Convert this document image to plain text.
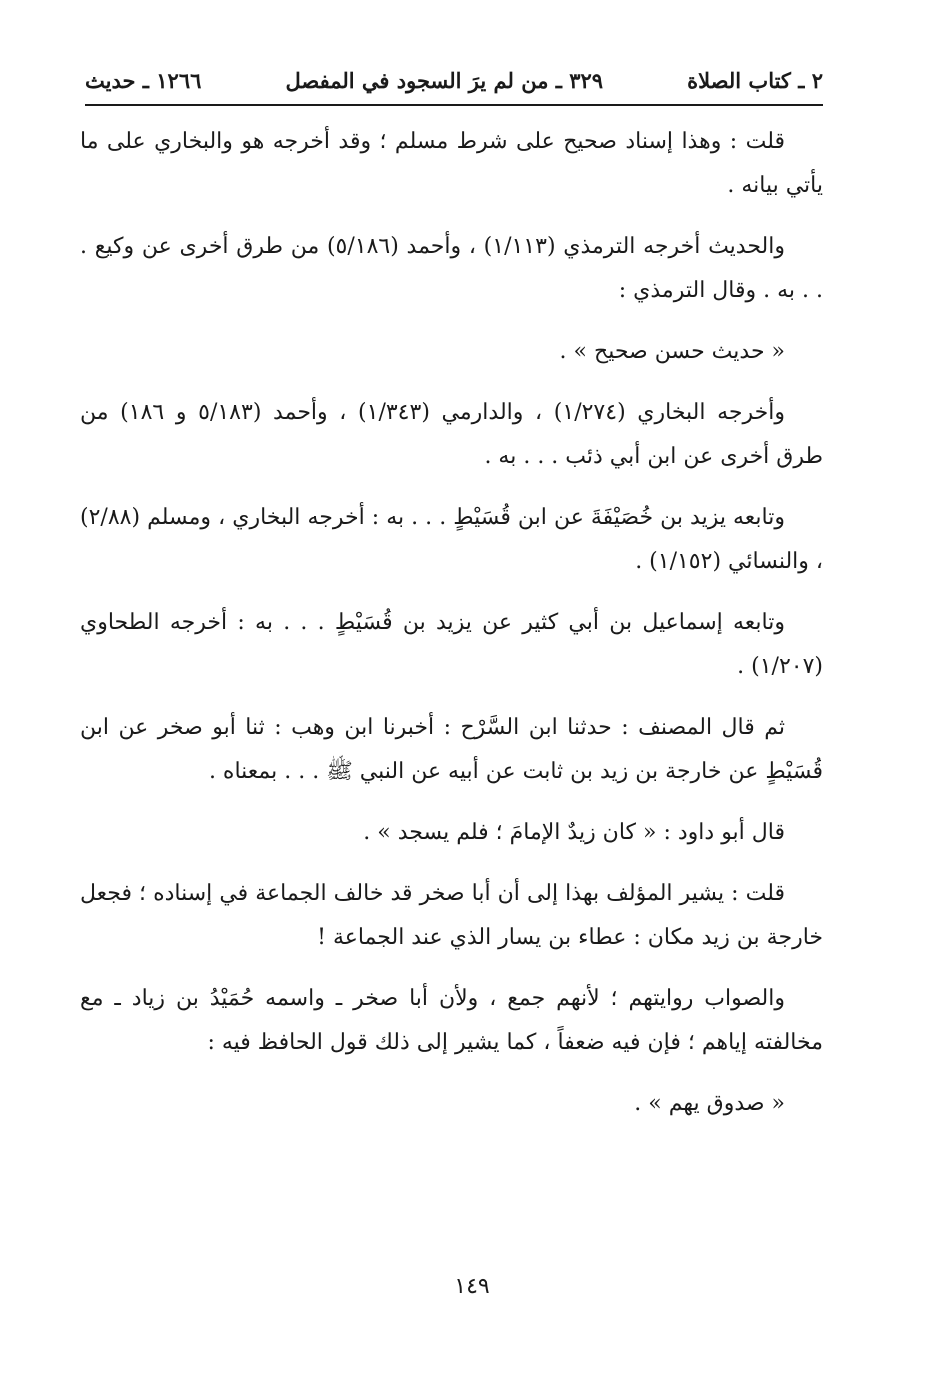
٢ ـ كتاب الصلاة
٣٢٩ ـ من لم يرَ السجود في المفصل
١٢٦٦ ـ حديث

قلت : وهذا إسناد صحيح على شرط مسلم ؛ وقد أخرجه هو والبخاري على ما يأتي بيانه .

والحديث أخرجه الترمذي (١/١١٣) ، وأحمد (٥/١٨٦) من طرق أخرى عن وكيع . . . به . وقال الترمذي :

« حديث حسن صحيح » .

وأخرجه البخاري (١/٢٧٤) ، والدارمي (١/٣٤٣) ، وأحمد (٥/١٨٣ و ١٨٦) من طرق أخرى عن ابن أبي ذئب . . . به .

وتابعه يزيد بن خُصَيْفَةَ عن ابن قُسَيْطٍ . . . به : أخرجه البخاري ، ومسلم (٢/٨٨) ، والنسائي (١/١٥٢) .

وتابعه إسماعيل بن أبي كثير عن يزيد بن قُسَيْطٍ . . . به : أخرجه الطحاوي (١/٢٠٧) .

ثم قال المصنف : حدثنا ابن السَّرْح : أخبرنا ابن وهب : ثنا أبو صخر عن ابن قُسَيْطٍ عن خارجة بن زيد بن ثابت عن أبيه عن النبي ﷺ . . . بمعناه .

قال أبو داود : « كان زيدٌ الإمامَ ؛ فلم يسجد » .

قلت : يشير المؤلف بهذا إلى أن أبا صخر قد خالف الجماعة في إسناده ؛ فجعل خارجة بن زيد مكان : عطاء بن يسار الذي عند الجماعة !

والصواب روايتهم ؛ لأنهم جمع ، ولأن أبا صخر ـ واسمه حُمَيْدُ بن زياد ـ مع مخالفته إياهم ؛ فإن فيه ضعفاً ، كما يشير إلى ذلك قول الحافظ فيه :

« صدوق يهم » .

١٤٩
